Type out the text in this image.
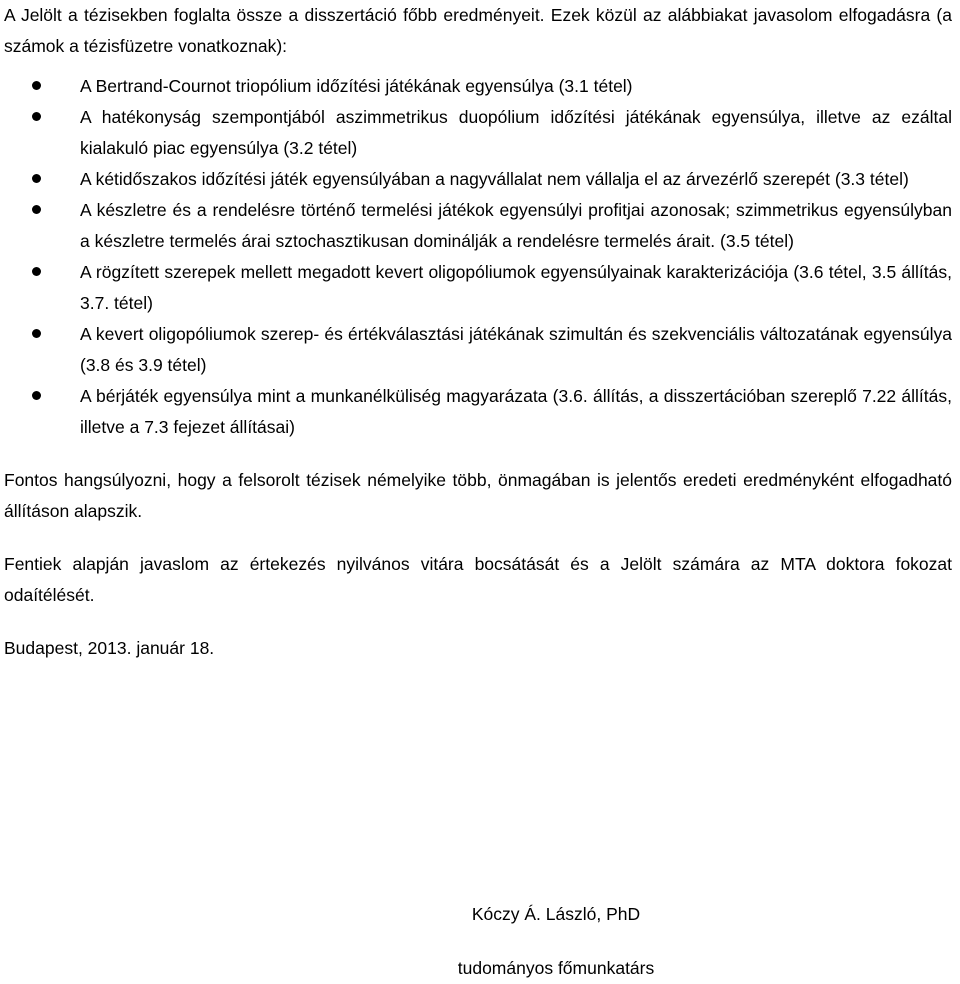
A Jelölt a tézisekben foglalta össze a disszertáció főbb eredményeit. Ezek közül az alábbiakat javasolom elfogadásra (a számok a tézisfüzetre vonatkoznak):

A Bertrand-Cournot triopólium időzítési játékának egyensúlya (3.1 tétel)
A hatékonyság szempontjából aszimmetrikus duopólium időzítési játékának egyensúlya, illetve az ezáltal kialakuló piac egyensúlya (3.2 tétel)
A kétidőszakos időzítési játék egyensúlyában a nagyvállalat nem vállalja el az árvezérlő szerepét (3.3 tétel)
A készletre és a rendelésre történő termelési játékok egyensúlyi profitjai azonosak; szimmetrikus egyensúlyban a készletre termelés árai sztochasztikusan dominálják a rendelésre termelés árait. (3.5 tétel)
A rögzített szerepek mellett megadott kevert oligopóliumok egyensúlyainak karakterizációja (3.6 tétel, 3.5 állítás, 3.7. tétel)
A kevert oligopóliumok szerep- és értékválasztási játékának szimultán és szekvenciális változatának egyensúlya (3.8 és 3.9 tétel)
A bérjáték egyensúlya mint a munkanélküliség magyarázata (3.6. állítás, a disszertációban szereplő 7.22 állítás, illetve a 7.3 fejezet állításai)

Fontos hangsúlyozni, hogy a felsorolt tézisek némelyike több, önmagában is jelentős eredeti eredményként elfogadható állításon alapszik.

Fentiek alapján javaslom az értekezés nyilvános vitára bocsátását és a Jelölt számára az MTA doktora fokozat odaítélését.

Budapest, 2013. január 18.

Kóczy Á. László, PhD
tudományos főmunkatárs
